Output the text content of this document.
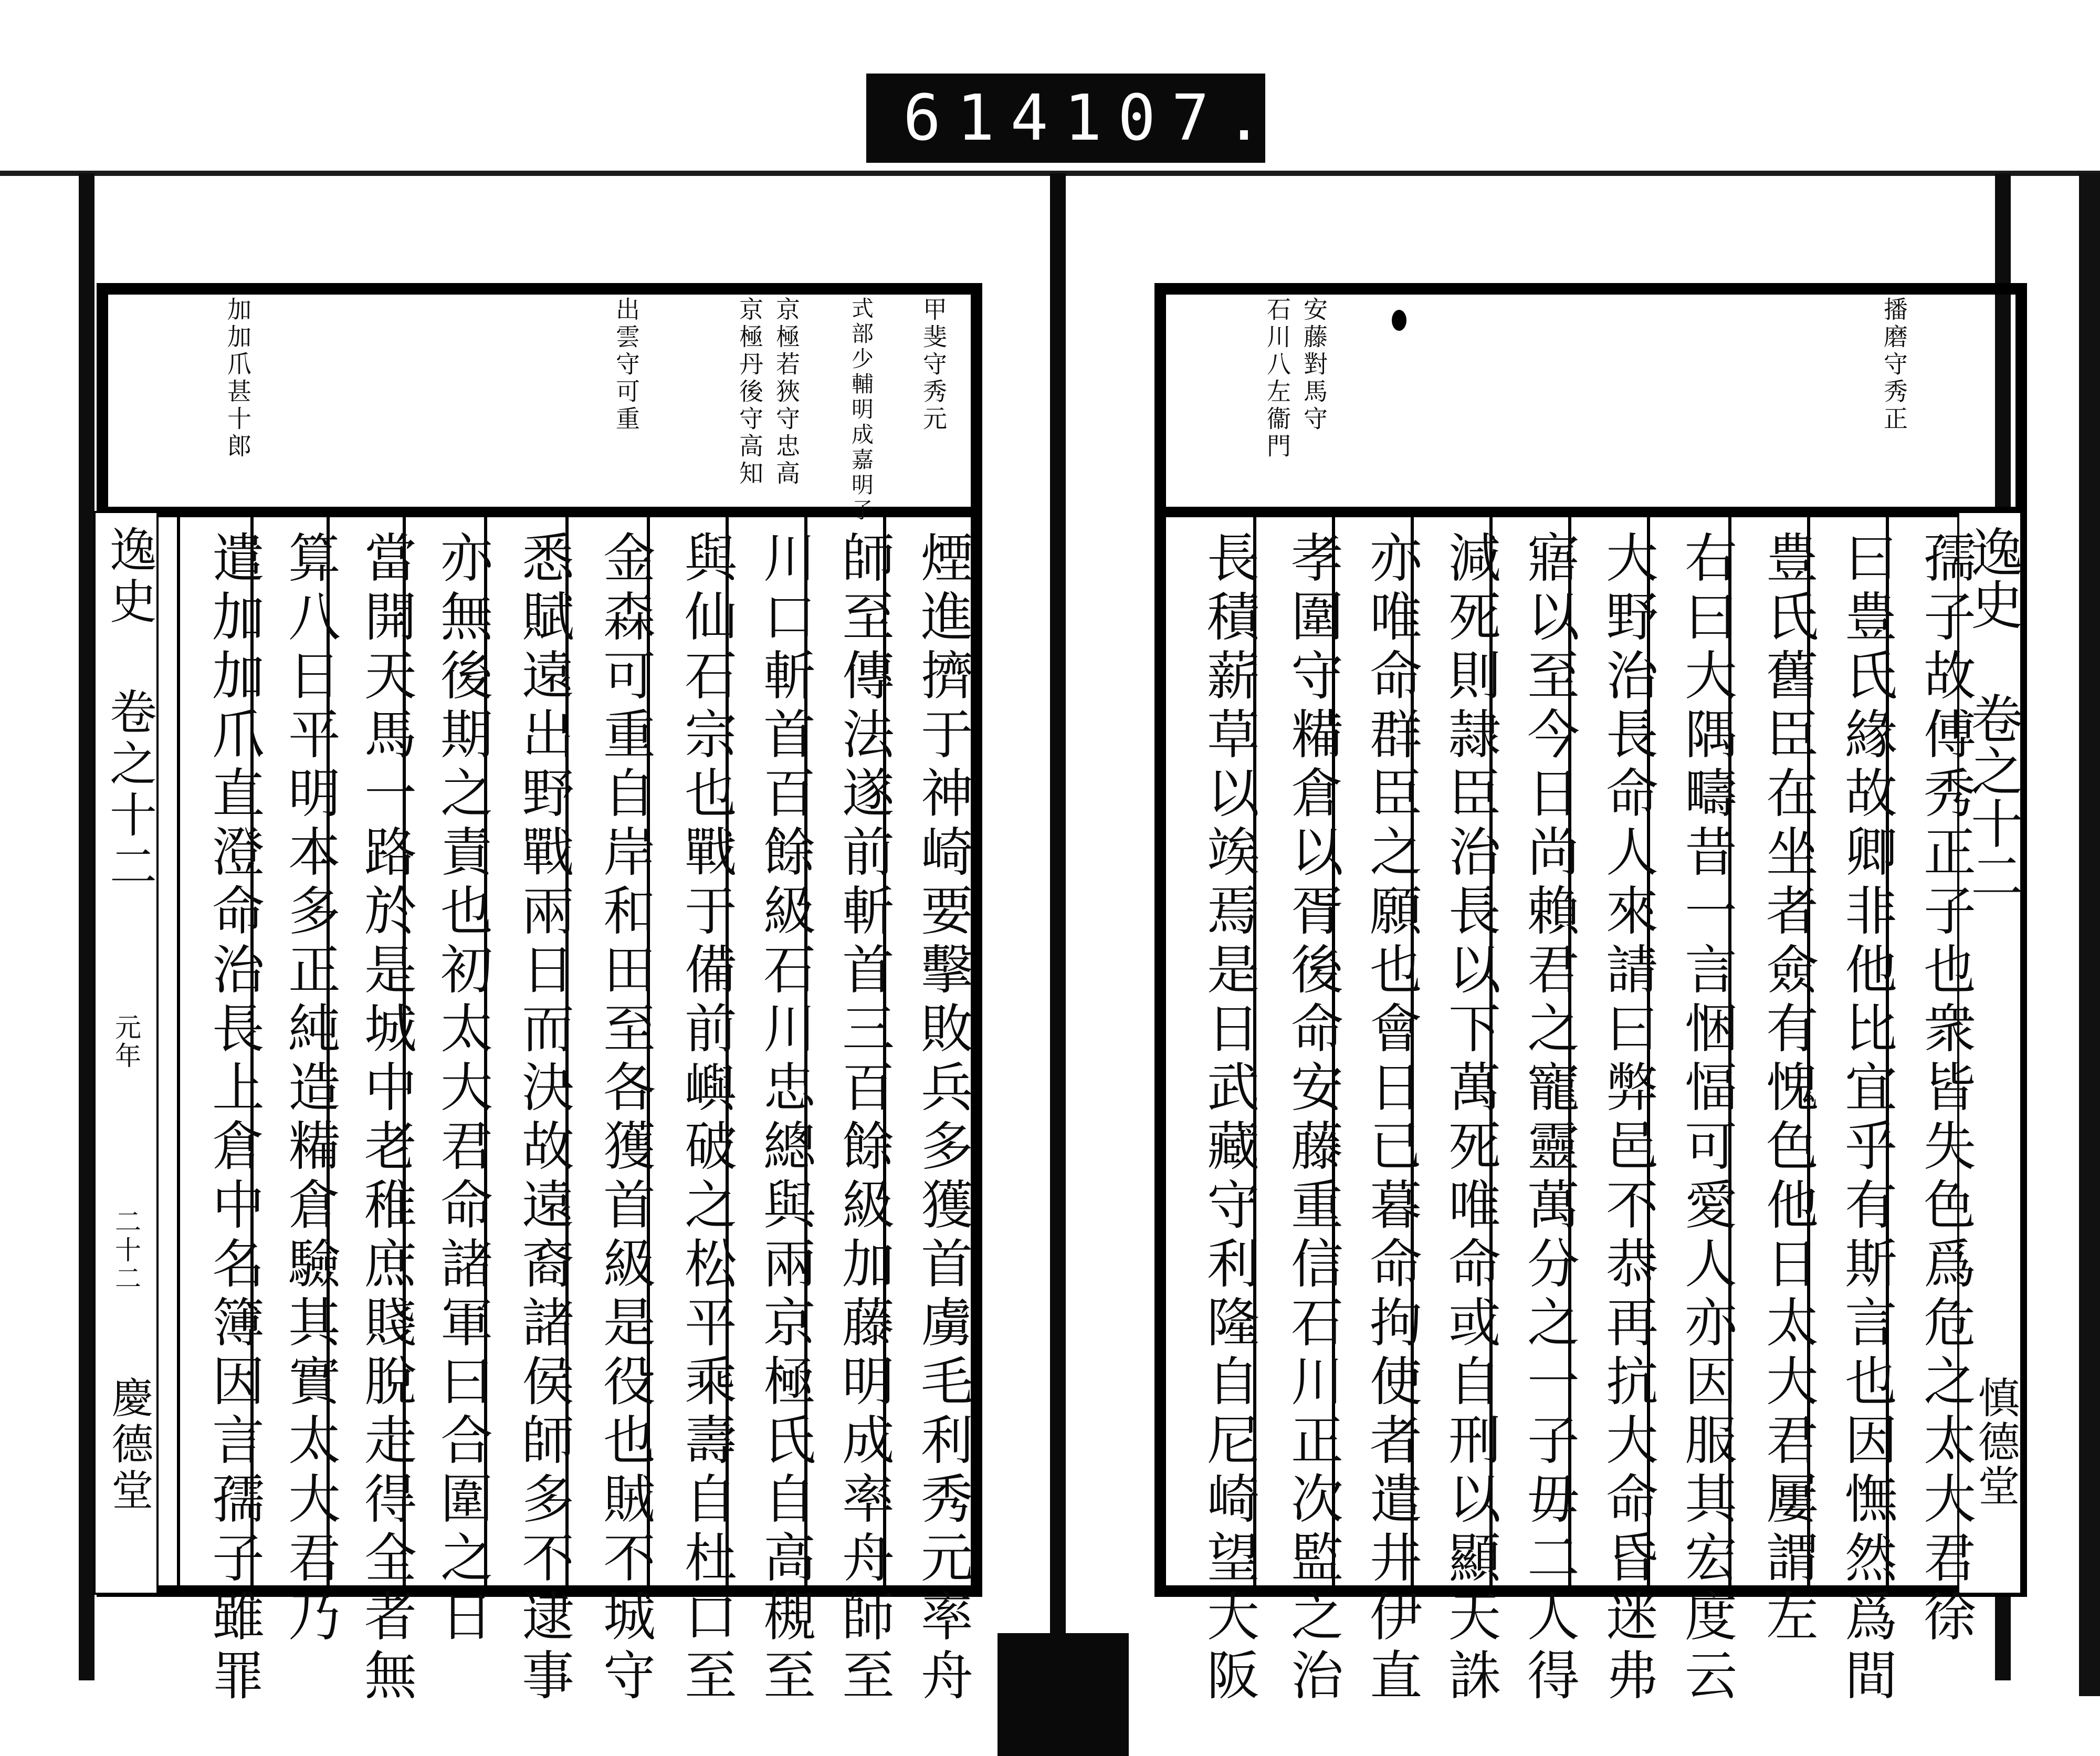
614 107.
播磨守秀正
安藤對馬守
石川八左衞門
逸史 卷之十二
慎德堂
孺子故傅秀正子也衆皆失色爲危之太大君徐
曰豊氏緣故卿非他比宜乎有斯言也因憮然爲間
豊氏舊臣在坐者僉有愧色他日太大君屢謂左
右曰大隅疇昔一言悃愊可愛人亦因服其宏度云
大野治長命人來請曰弊邑不恭再抗大命昏迷弗
寤以至今日尚賴君之寵靈萬分之一子毋二人得
減死則隷臣治長以下萬死唯命或自刑以顯天誅
亦唯命群臣之願也會日已暮命拘使者遣井伊直
孝圍守糒倉以胥後命安藤重信石川正次監之治
長積薪草以竢焉是日武藏守利隆自尼崎望大阪
甲斐守秀元
式部少輔明成嘉明子
京極若狹守忠高
京極丹後守高知
出雲守可重
加加爪甚十郎
逸史 卷之十二
元年
二十二
慶德堂	煙進擠于神崎要擊敗兵多獲首虜毛利秀元率舟
師至傳法遂前斬首三百餘級加藤明成率舟師至
川口斬首百餘級石川忠總與兩京極氏自高槻至
與仙石宗也戰于備前嶼破之松平乘壽自杜口至
金森可重自岸和田至各獲首級是役也賊不城守
悉賦遠出野戰兩日而決故遠裔諸侯師多不逮事
亦無後期之責也初太大君命諸軍曰合圍之日
當開天馬一路於是城中老稚庶賤脫走得全者無
算八日平明本多正純造糒倉驗其實太大君乃
遣加加爪直澄命治長上倉中名簿因言孺子雖罪
